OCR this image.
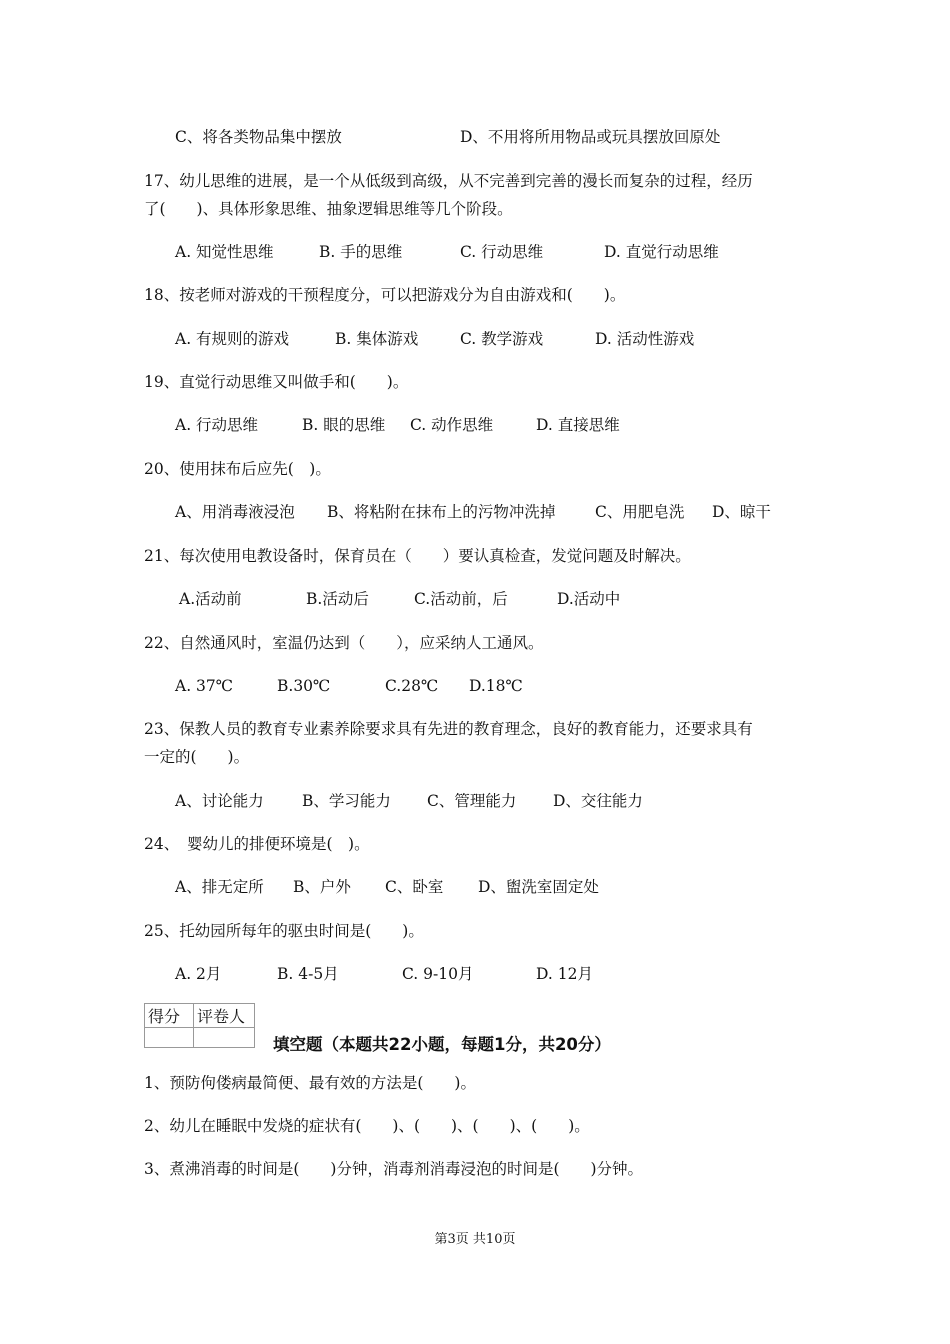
C、将各类物品集中摆放	D、不用将所用物品或玩具摆放回原处
17、幼儿思维的进展，是一个从低级到高级，从不完善到完善的漫长而复杂的过程，经历
了(　　)、具体形象思维、抽象逻辑思维等几个阶段。
A. 知觉性思维	B. 手的思维	C. 行动思维	D. 直觉行动思维
18、按老师对游戏的干预程度分，可以把游戏分为自由游戏和(　　)。
A. 有规则的游戏	B. 集体游戏	C. 教学游戏	D. 活动性游戏
19、直觉行动思维又叫做手和(　　)。
A. 行动思维	B. 眼的思维 C. 动作思维	D. 直接思维
20、使用抹布后应先(　)。
A、用消毒液浸泡 B、将粘附在抹布上的污物冲洗掉	C、用肥皂洗 D、晾干
21、每次使用电教设备时，保育员在（　　）要认真检查，发觉问题及时解决。
A.活动前	B.活动后	C.活动前，后	D.活动中
22、自然通风时，室温仍达到（　　），应采纳人工通风。
A. 37℃	B.30℃	C.28℃ D.18℃
23、保教人员的教育专业素养除要求具有先进的教育理念，良好的教育能力，还要求具有
一定的(　　)。
A、讨论能力 B、学习能力 C、管理能力 D、交往能力
24、　婴幼儿的排便环境是(　)。
A、排无定所 B、户外 C、卧室 D、盥洗室固定处
25、托幼园所每年的驱虫时间是(　　)。
A. 2月	B. 4-5月	C. 9-10月	D. 12月
得分	评卷人

填空题（本题共22小题，每题1分，共20分）
1、预防佝偻病最简便、最有效的方法是(　　)。
2、幼儿在睡眠中发烧的症状有(　　)、(　　)、(　　)、(　　)。
3、煮沸消毒的时间是(　　)分钟，消毒剂消毒浸泡的时间是(　　)分钟。
第3页 共10页
